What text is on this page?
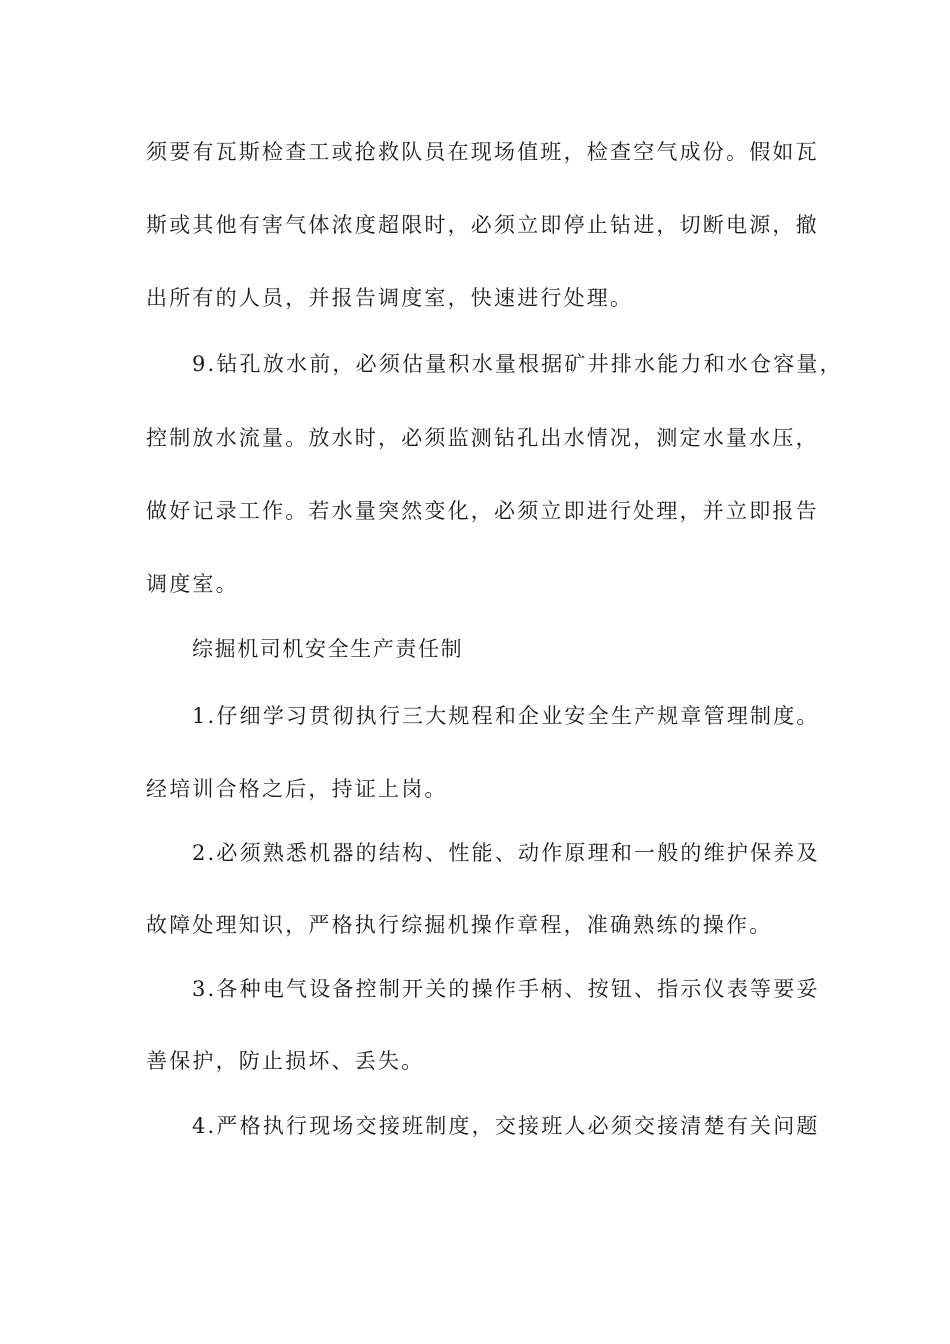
须要有瓦斯检查工或抢救队员在现场值班，检查空气成份。假如瓦
斯或其他有害气体浓度超限时，必须立即停止钻进，切断电源，撤
出所有的人员，并报告调度室，快速进行处理。
9.钻孔放水前，必须估量积水量根据矿井排水能力和水仓容量，
控制放水流量。放水时，必须监测钻孔出水情况，测定水量水压，
做好记录工作。若水量突然变化，必须立即进行处理，并立即报告
调度室。
综掘机司机安全生产责任制
1.仔细学习贯彻执行三大规程和企业安全生产规章管理制度。
经培训合格之后，持证上岗。
2.必须熟悉机器的结构、性能、动作原理和一般的维护保养及
故障处理知识，严格执行综掘机操作章程，准确熟练的操作。
3.各种电气设备控制开关的操作手柄、按钮、指示仪表等要妥
善保护，防止损坏、丢失。
4.严格执行现场交接班制度，交接班人必须交接清楚有关问题
